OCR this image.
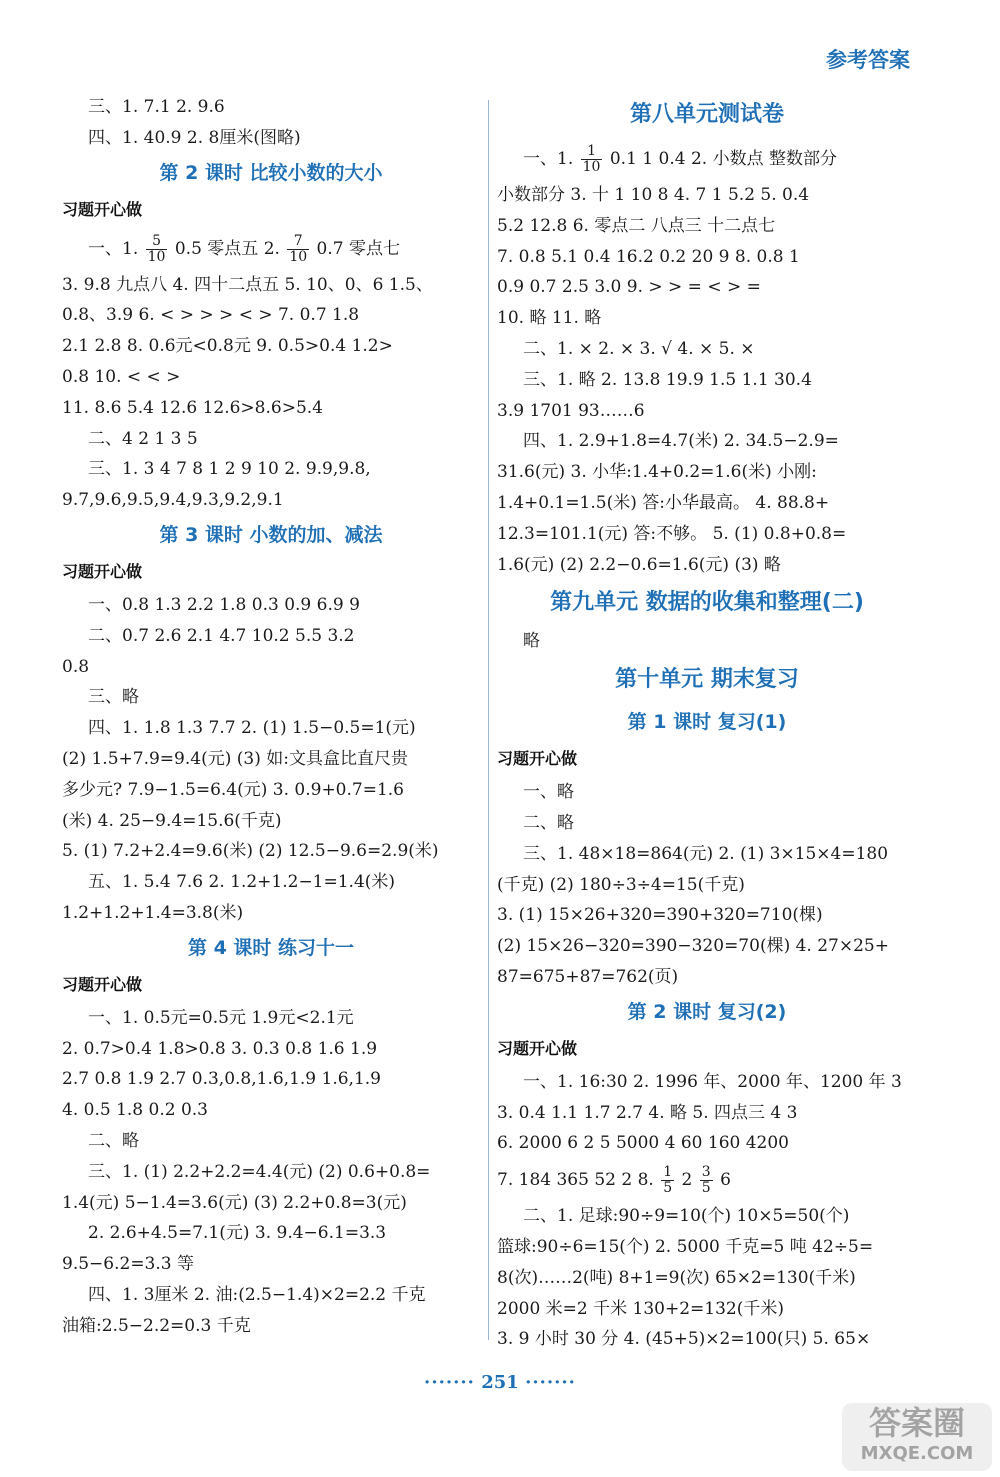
参考答案
三、1. 7.1 2. 9.6
四、1. 40.9 2. 8厘米(图略)
第 2 课时 比较小数的大小
习题开心做
一、1. $\frac{5}{10} 0.5$ 零点五 2. $\frac{7}{10} 0.7$ 零点七
3. 9.8 九点八 4. 四十二点五 5. 10、0、6 1.5、
0.8、3.9 6. < > > > < > 7. 0.7 1.8
2.1 2.8 8. 0.6元<0.8元 9. 0.5>0.4 1.2>
0.8 10. < < >
11. 8.6 5.4 12.6 12.6>8.6>5.4
二、4 2 1 3 5
三、1. 3 4 7 8 1 2 9 10 2. 9.9,9.8,
9.7,9.6,9.5,9.4,9.3,9.2,9.1
第 3 课时 小数的加、减法
习题开心做
一、0.8 1.3 2.2 1.8 0.3 0.9 6.9 9
二、0.7 2.6 2.1 4.7 10.2 5.5 3.2
0.8
三、略
四、1. 1.8 1.3 7.7 2. (1) 1.5−0.5=1(元)
(2) 1.5+7.9=9.4(元) (3) 如:文具盒比直尺贵
多少元? 7.9−1.5=6.4(元) 3. 0.9+0.7=1.6
(米) 4. 25−9.4=15.6(千克)
5. (1) 7.2+2.4=9.6(米) (2) 12.5−9.6=2.9(米)
五、1. 5.4 7.6 2. 1.2+1.2−1=1.4(米)
1.2+1.2+1.4=3.8(米)
第 4 课时 练习十一
习题开心做
一、1. 0.5元=0.5元 1.9元<2.1元
2. 0.7>0.4 1.8>0.8 3. 0.3 0.8 1.6 1.9
2.7 0.8 1.9 2.7 0.3,0.8,1.6,1.9 1.6,1.9
4. 0.5 1.8 0.2 0.3
二、略
三、1. (1) 2.2+2.2=4.4(元) (2) 0.6+0.8=
1.4(元) 5−1.4=3.6(元) (3) 2.2+0.8=3(元)
2. 2.6+4.5=7.1(元) 3. 9.4−6.1=3.3
9.5−6.2=3.3 等
四、1. 3厘米 2. 油:(2.5−1.4)×2=2.2 千克
油箱:2.5−2.2=0.3 千克
第八单元测试卷
一、1. $\frac{1}{10} 0.1$ 1 0.4 2. 小数点 整数部分
小数部分 3. 十 1 10 8 4. 7 1 5.2 5. 0.4
5.2 12.8 6. 零点二 八点三 十二点七
7. 0.8 5.1 0.4 16.2 0.2 20 9 8. 0.8 1
0.9 0.7 2.5 3.0 9. > > = < > =
10. 略 11. 略
二、1. × 2. × 3. √ 4. × 5. ×
三、1. 略 2. 13.8 19.9 1.5 1.1 30.4
3.9 1701 93……6
四、1. 2.9+1.8=4.7(米) 2. 34.5−2.9=
31.6(元) 3. 小华:1.4+0.2=1.6(米) 小刚:
1.4+0.1=1.5(米) 答:小华最高。 4. 88.8+
12.3=101.1(元) 答:不够。 5. (1) 0.8+0.8=
1.6(元) (2) 2.2−0.6=1.6(元) (3) 略
第九单元 数据的收集和整理(二)
略
第十单元 期末复习
第 1 课时 复习(1)
习题开心做
一、略
二、略
三、1. 48×18=864(元) 2. (1) 3×15×4=180
(千克) (2) 180÷3÷4=15(千克)
3. (1) 15×26+320=390+320=710(棵)
(2) 15×26−320=390−320=70(棵) 4. 27×25+
87=675+87=762(页)
第 2 课时 复习(2)
习题开心做
一、1. 16:30 2. 1996 年、2000 年、1200 年 3
3. 0.4 1.1 1.7 2.7 4. 略 5. 四点三 4 3
6. 2000 6 2 5 5000 4 60 160 4200
7. 184 365 52 2 8. $\frac{1}{5} 2 \frac{3}{5} 6$
二、1. 足球:90÷9=10(个) 10×5=50(个)
篮球:90÷6=15(个) 2. 5000 千克=5 吨 42÷5=
8(次)……2(吨) 8+1=9(次) 65×2=130(千米)
2000 米=2 千米 130+2=132(千米)
3. 9 小时 30 分 4. (45+5)×2=100(只) 5. 65×
······· 251 ·······
答案圈
MXQE.COM
